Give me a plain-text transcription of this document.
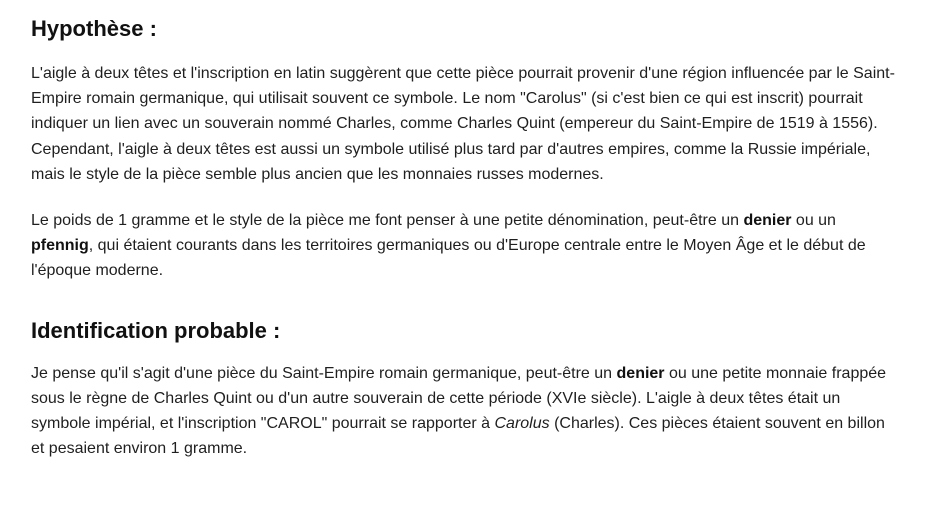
Hypothèse :

L'aigle à deux têtes et l'inscription en latin suggèrent que cette pièce pourrait provenir d'une région influencée par le Saint-Empire romain germanique, qui utilisait souvent ce symbole. Le nom "Carolus" (si c'est bien ce qui est inscrit) pourrait indiquer un lien avec un souverain nommé Charles, comme Charles Quint (empereur du Saint-Empire de 1519 à 1556). Cependant, l'aigle à deux têtes est aussi un symbole utilisé plus tard par d'autres empires, comme la Russie impériale, mais le style de la pièce semble plus ancien que les monnaies russes modernes.

Le poids de 1 gramme et le style de la pièce me font penser à une petite dénomination, peut-être un denier ou un pfennig, qui étaient courants dans les territoires germaniques ou d'Europe centrale entre le Moyen Âge et le début de l'époque moderne.

Identification probable :

Je pense qu'il s'agit d'une pièce du Saint-Empire romain germanique, peut-être un denier ou une petite monnaie frappée sous le règne de Charles Quint ou d'un autre souverain de cette période (XVIe siècle). L'aigle à deux têtes était un symbole impérial, et l'inscription "CAROL" pourrait se rapporter à Carolus (Charles). Ces pièces étaient souvent en billon et pesaient environ 1 gramme.
